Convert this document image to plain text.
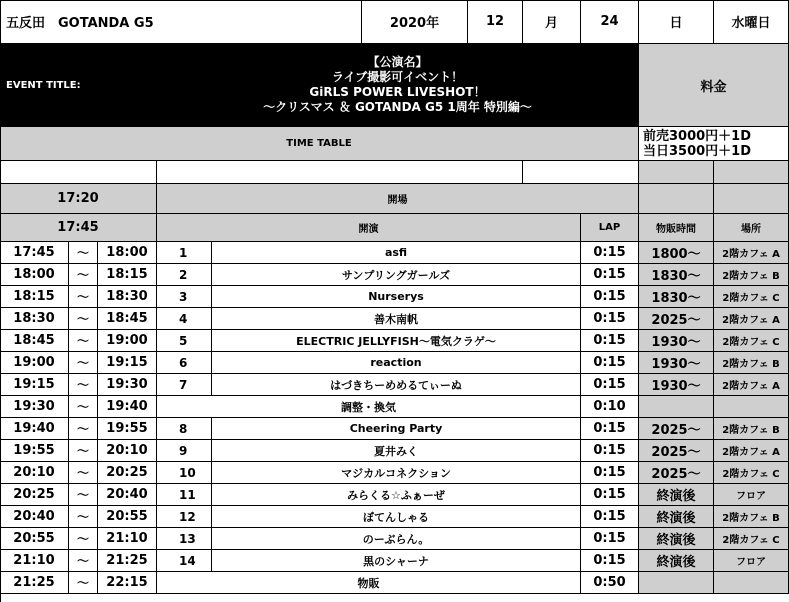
五反田　GOTANDA G5	2020年	12	月	24	日	水曜日
EVENT TITLE:
【公演名】
ライブ撮影可イベント！
GiRLS POWER LIVESHOT！
～クリスマス ＆ GOTANDA G5 1周年 特別編～
料金
TIME TABLE	前売3000円＋1D
当日3500円＋1D
17:20	開場
17:45	開演	LAP	物販時間	場所
17:45	～	18:00	1	asfi	0:15	1800～	2階カフェ A
18:00	～	18:15	2	サンプリングガールズ	0:15	1830～	2階カフェ B
18:15	～	18:30	3	Nurserys	0:15	1830～	2階カフェ C
18:30	～	18:45	4	善木南帆	0:15	2025～	2階カフェ A
18:45	～	19:00	5	ELECTRIC JELLYFISH～電気クラゲ～	0:15	1930～	2階カフェ C
19:00	～	19:15	6	reaction	0:15	1930～	2階カフェ B
19:15	～	19:30	7	はづきちーめめるてぃーぬ	0:15	1930～	2階カフェ A
19:30	～	19:40	調整・換気	0:10
19:40	～	19:55	8	Cheering Party	0:15	2025～	2階カフェ B
19:55	～	20:10	9	夏井みく	0:15	2025～	2階カフェ A
20:10	～	20:25	10	マジカルコネクション	0:15	2025～	2階カフェ C
20:25	～	20:40	11	みらくる☆ふぁーぜ	0:15	終演後	フロア
20:40	～	20:55	12	ぼてんしゃる	0:15	終演後	2階カフェ B
20:55	～	21:10	13	のーぶらん。	0:15	終演後	2階カフェ C
21:10	～	21:25	14	黒のシャーナ	0:15	終演後	フロア
21:25	～	22:15	物販	0:50
